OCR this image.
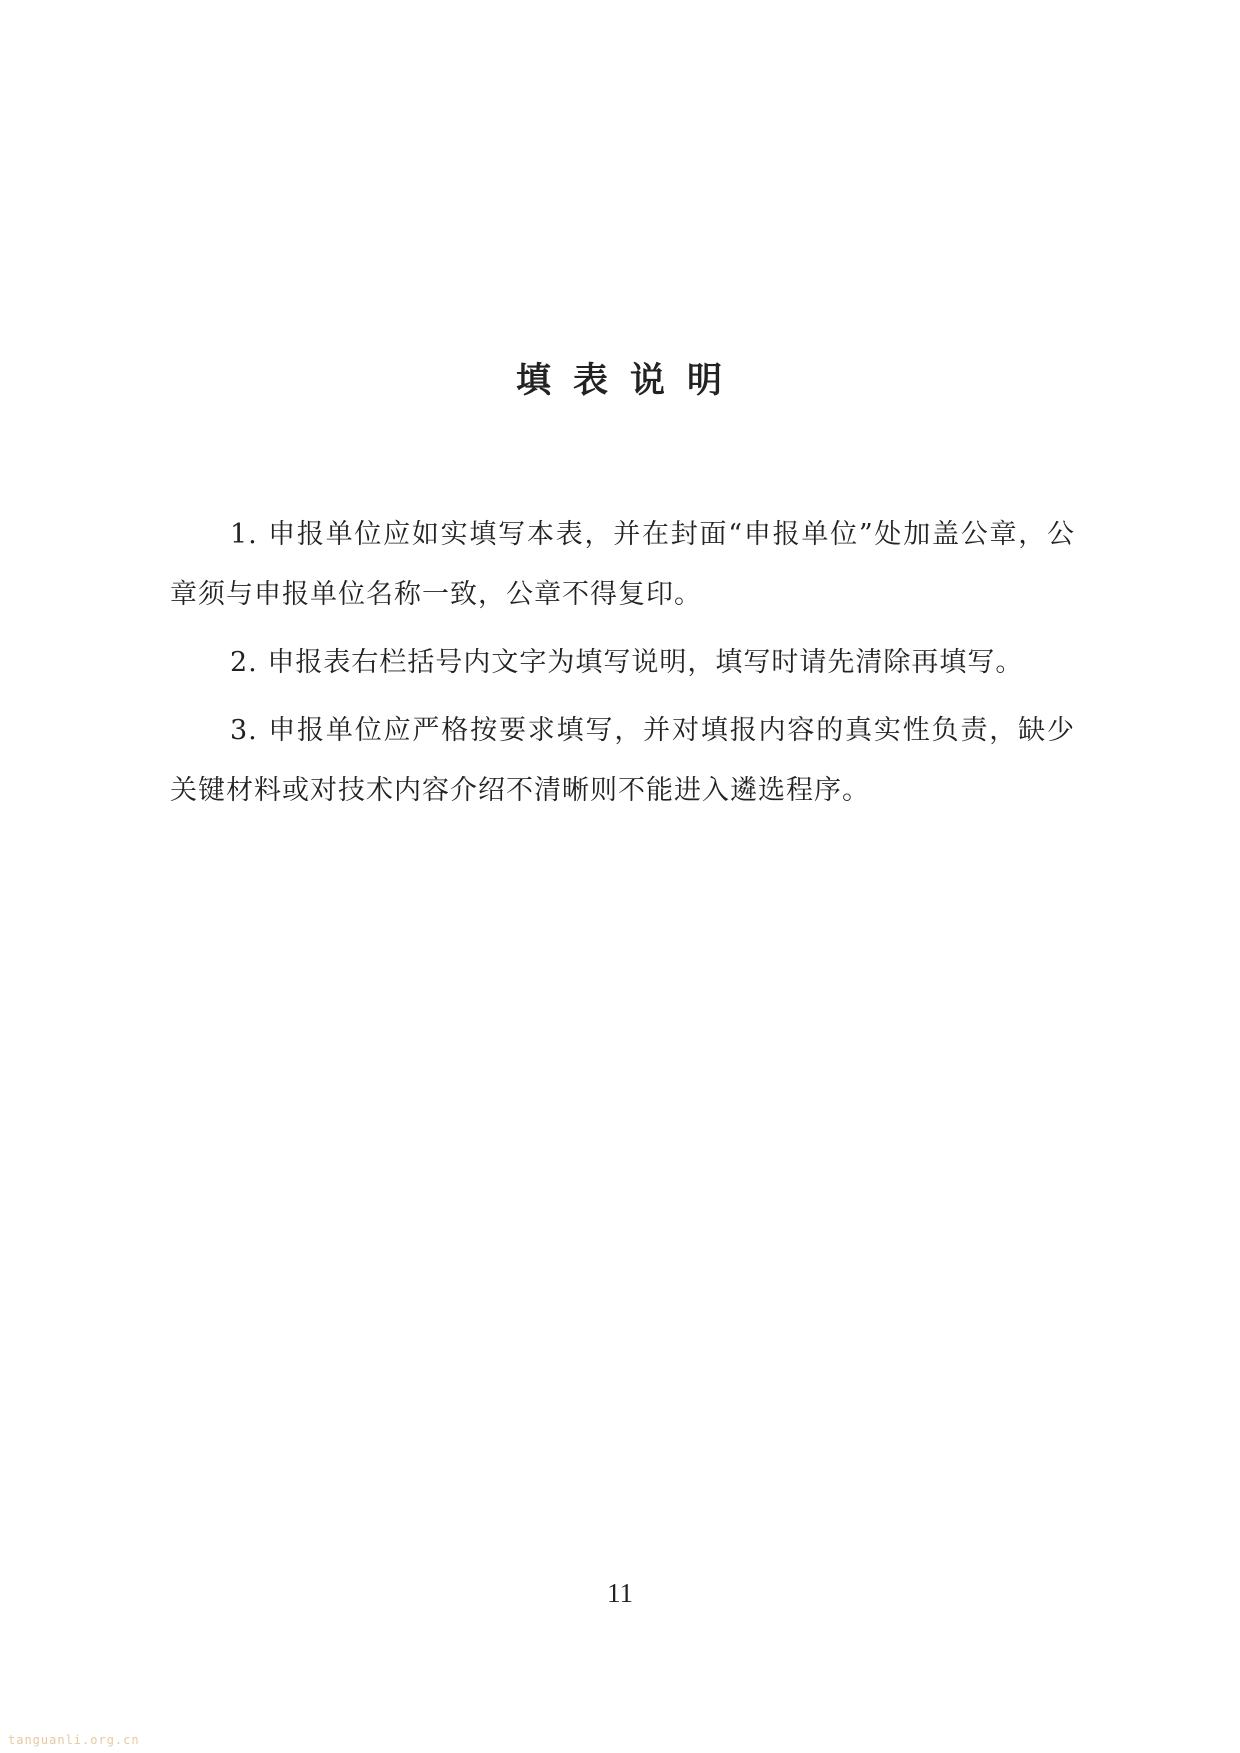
填表说明

1. 申报单位应如实填写本表，并在封面“申报单位”处加盖公章，公章须与申报单位名称一致，公章不得复印。

2. 申报表右栏括号内文字为填写说明，填写时请先清除再填写。

3. 申报单位应严格按要求填写，并对填报内容的真实性负责，缺少关键材料或对技术内容介绍不清晰则不能进入遴选程序。

11
tanguanli.org.cn
